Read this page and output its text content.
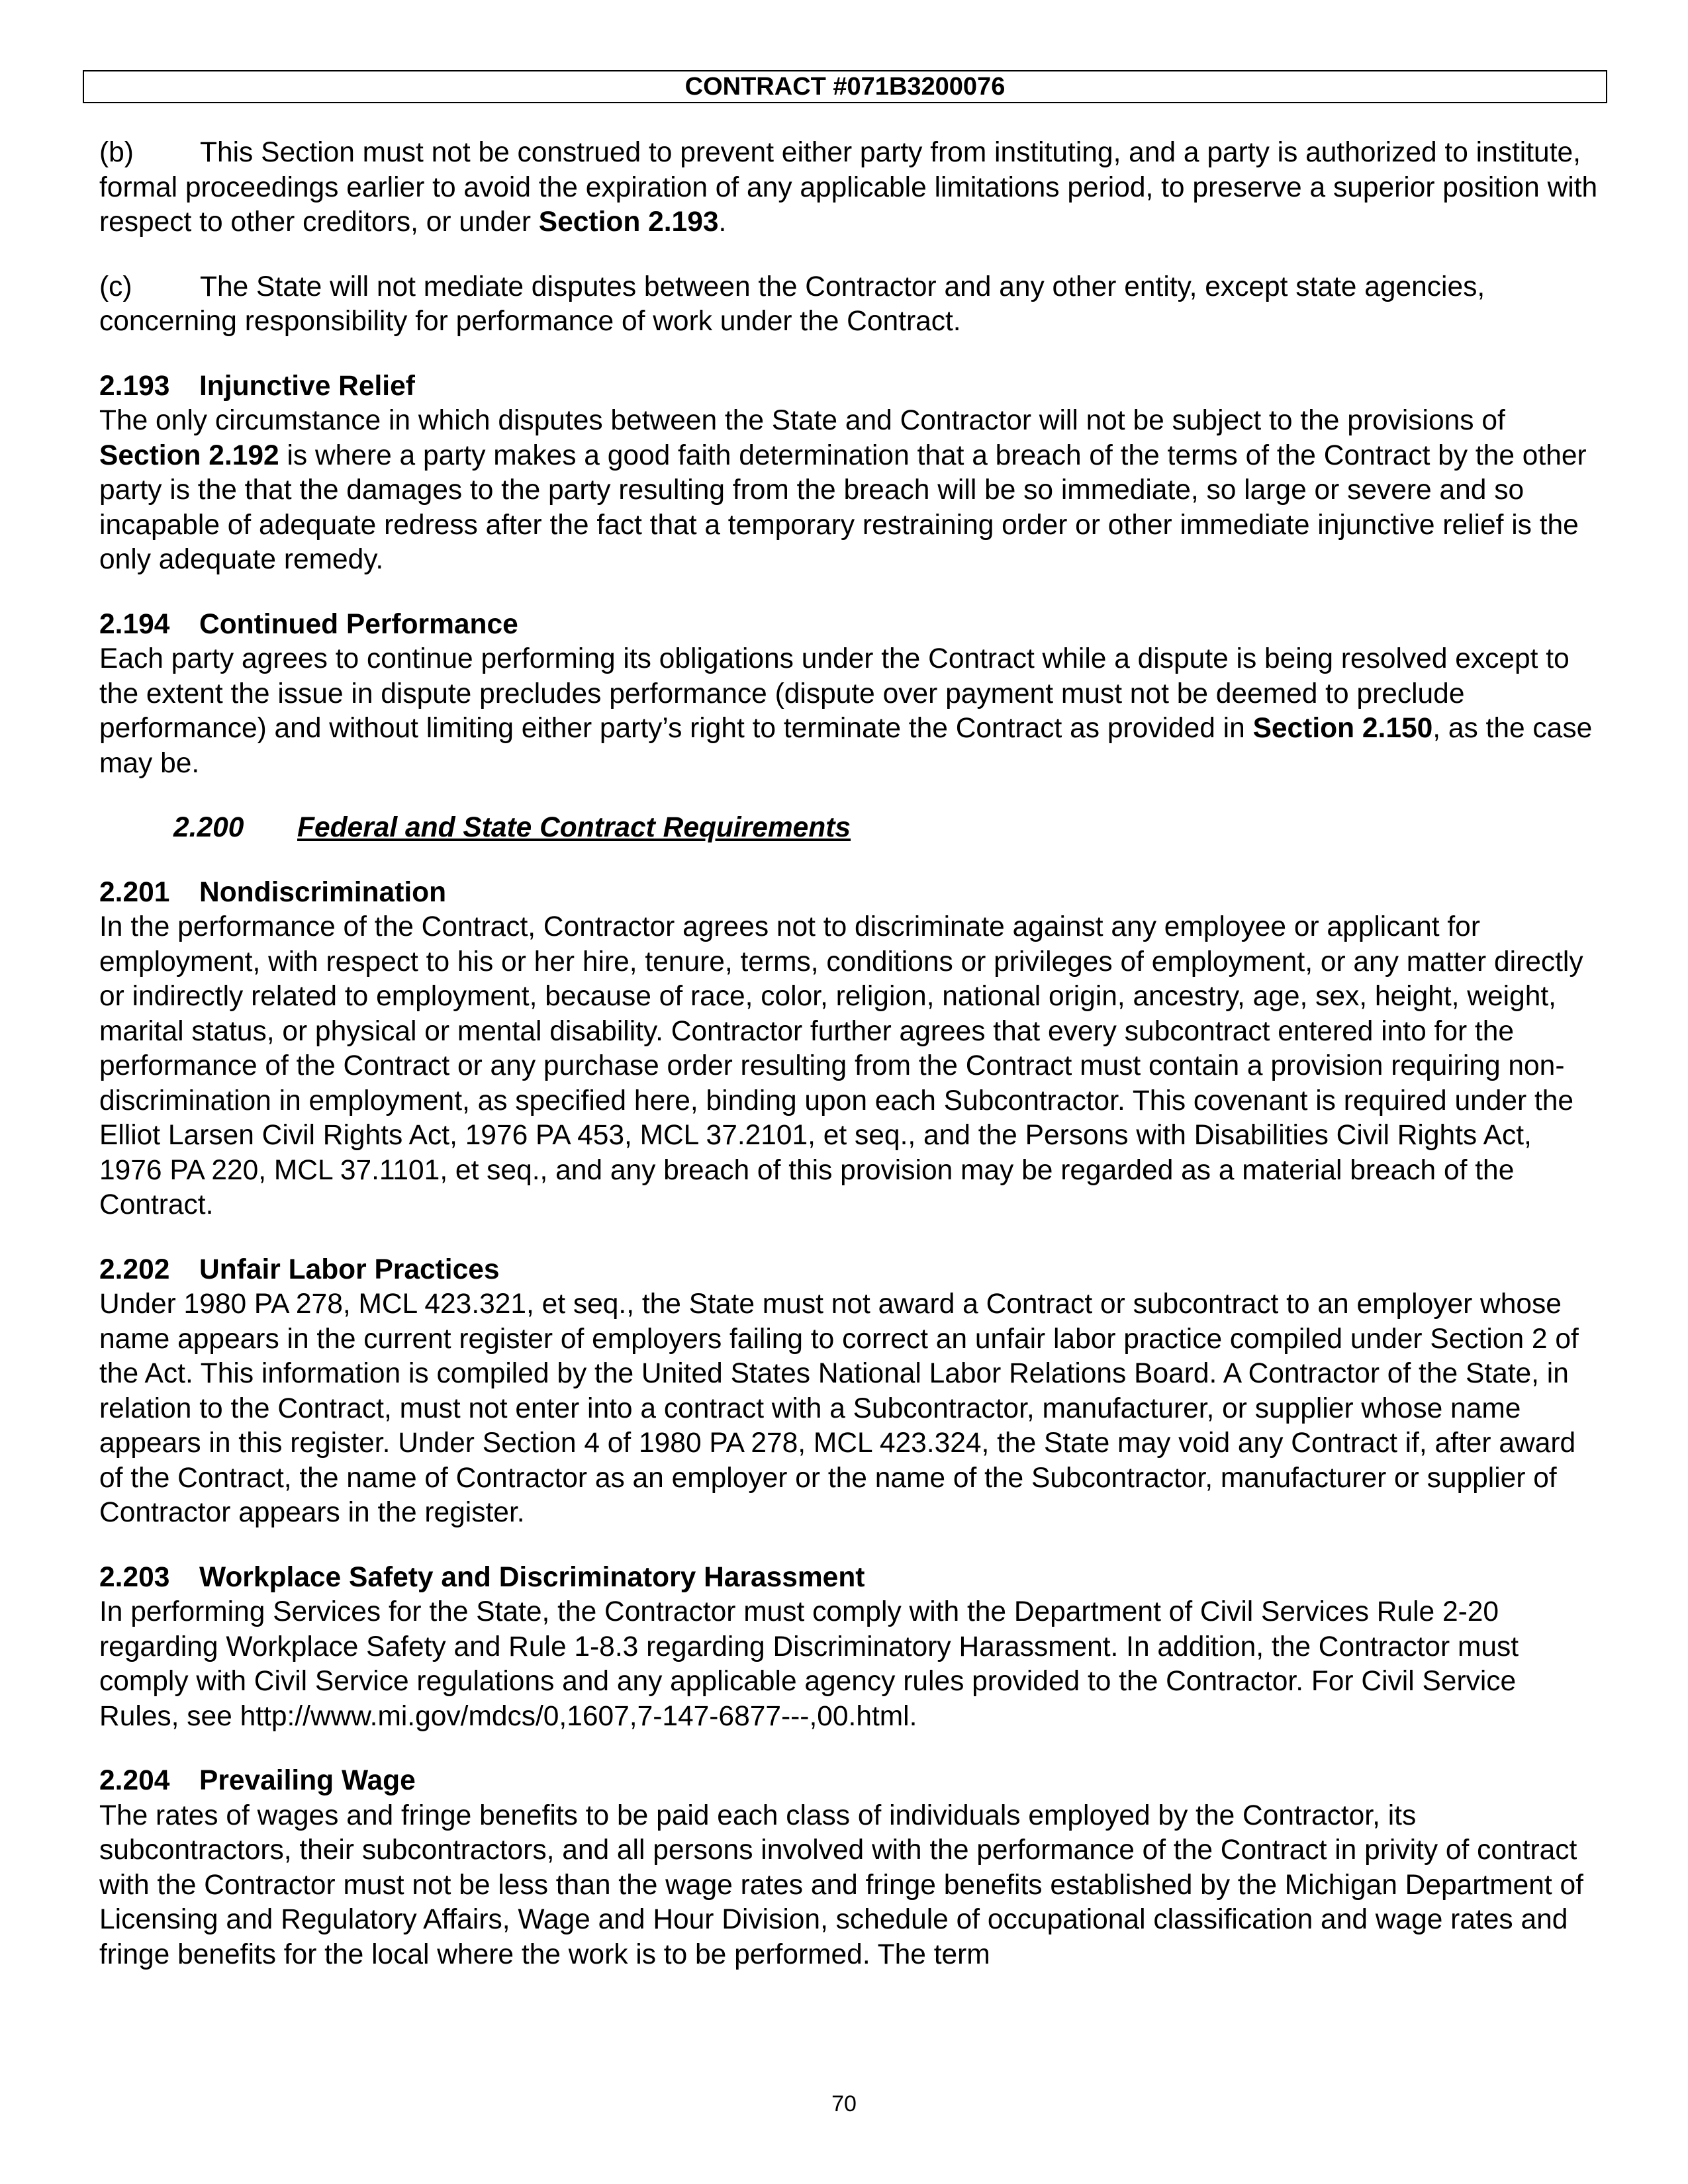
CONTRACT #071B3200076

(b) This Section must not be construed to prevent either party from instituting, and a party is authorized to institute, formal proceedings earlier to avoid the expiration of any applicable limitations period, to preserve a superior position with respect to other creditors, or under Section 2.193.

(c) The State will not mediate disputes between the Contractor and any other entity, except state agencies, concerning responsibility for performance of work under the Contract.

2.193 Injunctive Relief
The only circumstance in which disputes between the State and Contractor will not be subject to the provisions of Section 2.192 is where a party makes a good faith determination that a breach of the terms of the Contract by the other party is the that the damages to the party resulting from the breach will be so immediate, so large or severe and so incapable of adequate redress after the fact that a temporary restraining order or other immediate injunctive relief is the only adequate remedy.
2.194 Continued Performance
Each party agrees to continue performing its obligations under the Contract while a dispute is being resolved except to the extent the issue in dispute precludes performance (dispute over payment must not be deemed to preclude performance) and without limiting either party’s right to terminate the Contract as provided in Section 2.150, as the case may be.
2.200 Federal and State Contract Requirements
2.201 Nondiscrimination
In the performance of the Contract, Contractor agrees not to discriminate against any employee or applicant for employment, with respect to his or her hire, tenure, terms, conditions or privileges of employment, or any matter directly or indirectly related to employment, because of race, color, religion, national origin, ancestry, age, sex, height, weight, marital status, or physical or mental disability. Contractor further agrees that every subcontract entered into for the performance of the Contract or any purchase order resulting from the Contract must contain a provision requiring non-discrimination in employment, as specified here, binding upon each Subcontractor. This covenant is required under the Elliot Larsen Civil Rights Act, 1976 PA 453, MCL 37.2101, et seq., and the Persons with Disabilities Civil Rights Act, 1976 PA 220, MCL 37.1101, et seq., and any breach of this provision may be regarded as a material breach of the Contract.
2.202 Unfair Labor Practices
Under 1980 PA 278, MCL 423.321, et seq., the State must not award a Contract or subcontract to an employer whose name appears in the current register of employers failing to correct an unfair labor practice compiled under Section 2 of the Act. This information is compiled by the United States National Labor Relations Board. A Contractor of the State, in relation to the Contract, must not enter into a contract with a Subcontractor, manufacturer, or supplier whose name appears in this register. Under Section 4 of 1980 PA 278, MCL 423.324, the State may void any Contract if, after award of the Contract, the name of Contractor as an employer or the name of the Subcontractor, manufacturer or supplier of Contractor appears in the register.
2.203 Workplace Safety and Discriminatory Harassment
In performing Services for the State, the Contractor must comply with the Department of Civil Services Rule 2-20 regarding Workplace Safety and Rule 1-8.3 regarding Discriminatory Harassment. In addition, the Contractor must comply with Civil Service regulations and any applicable agency rules provided to the Contractor. For Civil Service Rules, see http://www.mi.gov/mdcs/0,1607,7-147-6877---,00.html.
2.204 Prevailing Wage
The rates of wages and fringe benefits to be paid each class of individuals employed by the Contractor, its subcontractors, their subcontractors, and all persons involved with the performance of the Contract in privity of contract with the Contractor must not be less than the wage rates and fringe benefits established by the Michigan Department of Licensing and Regulatory Affairs, Wage and Hour Division, schedule of occupational classification and wage rates and fringe benefits for the local where the work is to be performed. The term
70
